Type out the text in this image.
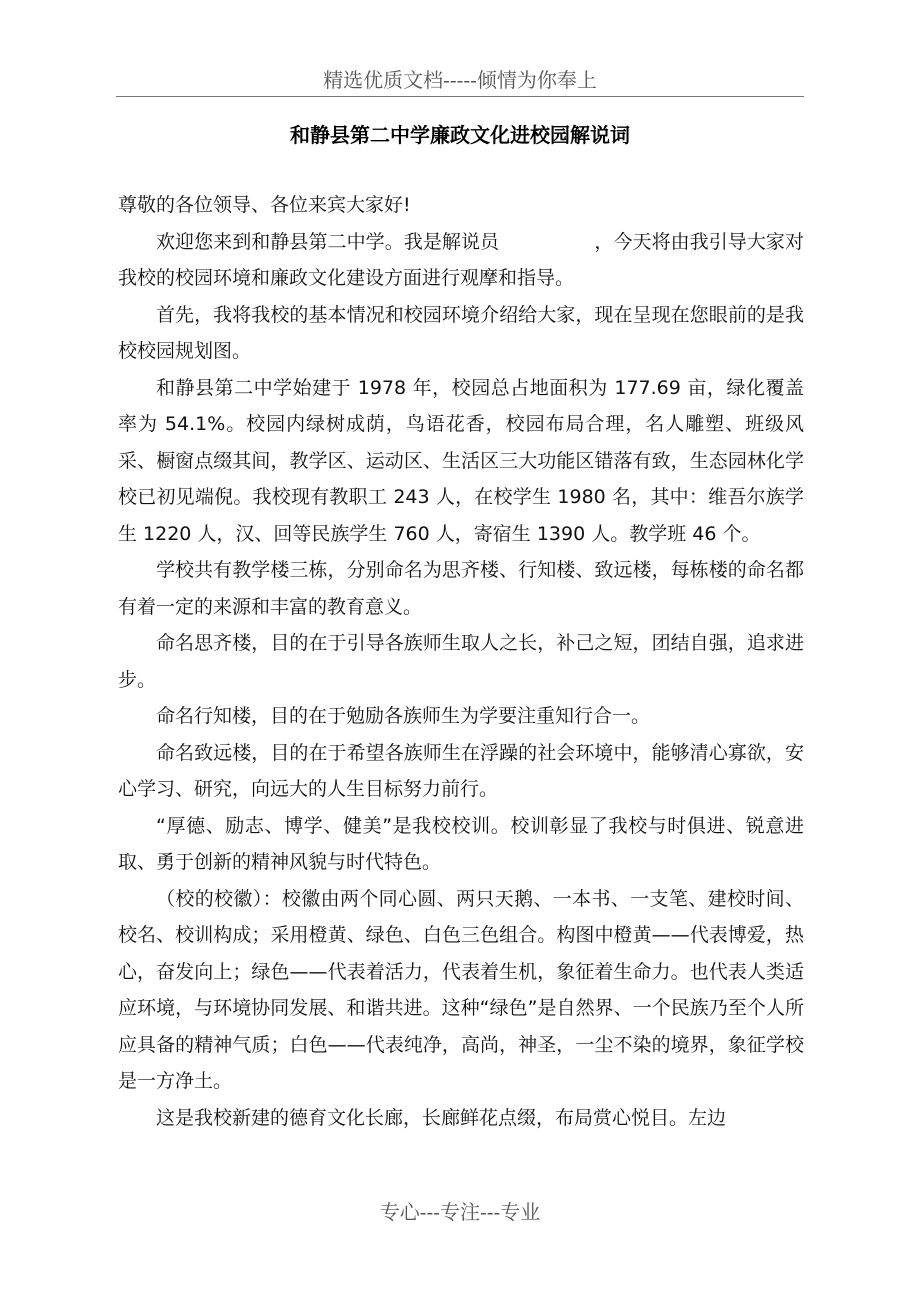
精选优质文档-----倾情为你奉上
和静县第二中学廉政文化进校园解说词

尊敬的各位领导、各位来宾大家好!

欢迎您来到和静县第二中学。我是解说员　　　　　，今天将由我引导大家对我校的校园环境和廉政文化建设方面进行观摩和指导。

首先，我将我校的基本情况和校园环境介绍给大家，现在呈现在您眼前的是我校校园规划图。

和静县第二中学始建于 1978 年，校园总占地面积为 177.69 亩，绿化覆盖率为 54.1%。校园内绿树成荫，鸟语花香，校园布局合理，名人雕塑、班级风采、橱窗点缀其间，教学区、运动区、生活区三大功能区错落有致，生态园林化学校已初见端倪。我校现有教职工 243 人，在校学生 1980 名，其中：维吾尔族学生 1220 人，汉、回等民族学生 760 人，寄宿生 1390 人。教学班 46 个。

学校共有教学楼三栋，分别命名为思齐楼、行知楼、致远楼，每栋楼的命名都有着一定的来源和丰富的教育意义。

命名思齐楼，目的在于引导各族师生取人之长，补己之短，团结自强，追求进步。

命名行知楼，目的在于勉励各族师生为学要注重知行合一。

命名致远楼，目的在于希望各族师生在浮躁的社会环境中，能够清心寡欲，安心学习、研究，向远大的人生目标努力前行。

“厚德、励志、博学、健美”是我校校训。校训彰显了我校与时俱进、锐意进取、勇于创新的精神风貌与时代特色。

（校的校徽）：校徽由两个同心圆、两只天鹅、一本书、一支笔、建校时间、校名、校训构成；采用橙黄、绿色、白色三色组合。构图中橙黄——代表博爱，热心，奋发向上；绿色——代表着活力，代表着生机，象征着生命力。也代表人类适应环境，与环境协同发展、和谐共进。这种“绿色”是自然界、一个民族乃至个人所应具备的精神气质；白色——代表纯净，高尚，神圣，一尘不染的境界，象征学校是一方净土。

这是我校新建的德育文化长廊，长廊鲜花点缀，布局赏心悦目。左边

专心---专注---专业
